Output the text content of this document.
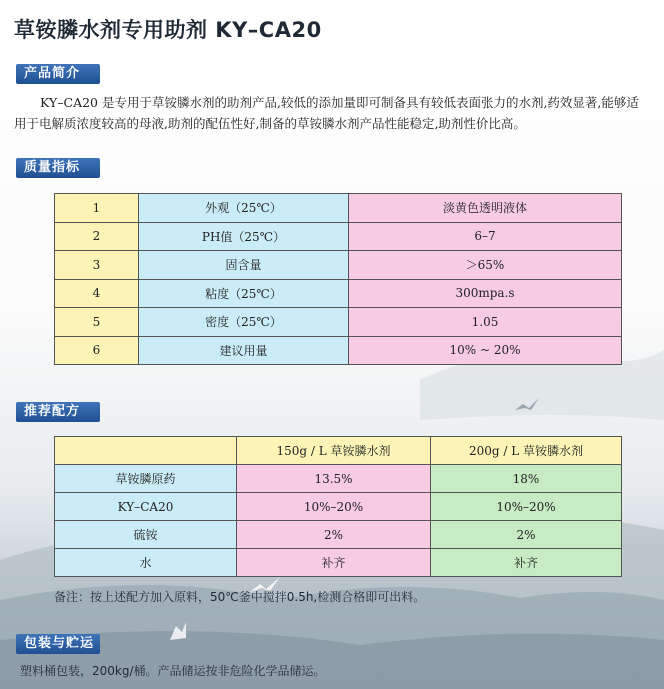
草铵膦水剂专用助剂 KY–CA20
产品简介

KY–CA20 是专用于草铵膦水剂的助剂产品,较低的添加量即可制备具有较低表面张力的水剂,药效显著,能够适用于电解质浓度较高的母液,助剂的配伍性好,制备的草铵膦水剂产品性能稳定,助剂性价比高。

质量指标
1	外观（25℃）	淡黄色透明液体
2	PH值（25℃）	6–7
3	固含量	＞65%
4	粘度（25℃）	300mpa.s
5	密度（25℃）	1.05
6	建议用量	10% ~ 20%
推荐配方
	150g / L 草铵膦水剂	200g / L 草铵膦水剂
草铵膦原药	13.5%	18%
KY–CA20	10%–20%	10%–20%
硫铵	2%	2%
水	补齐	补齐
备注：按上述配方加入原料，50℃釜中搅拌0.5h,检测合格即可出料。
包装与贮运
塑料桶包装，200kg/桶。产品储运按非危险化学品储运。
